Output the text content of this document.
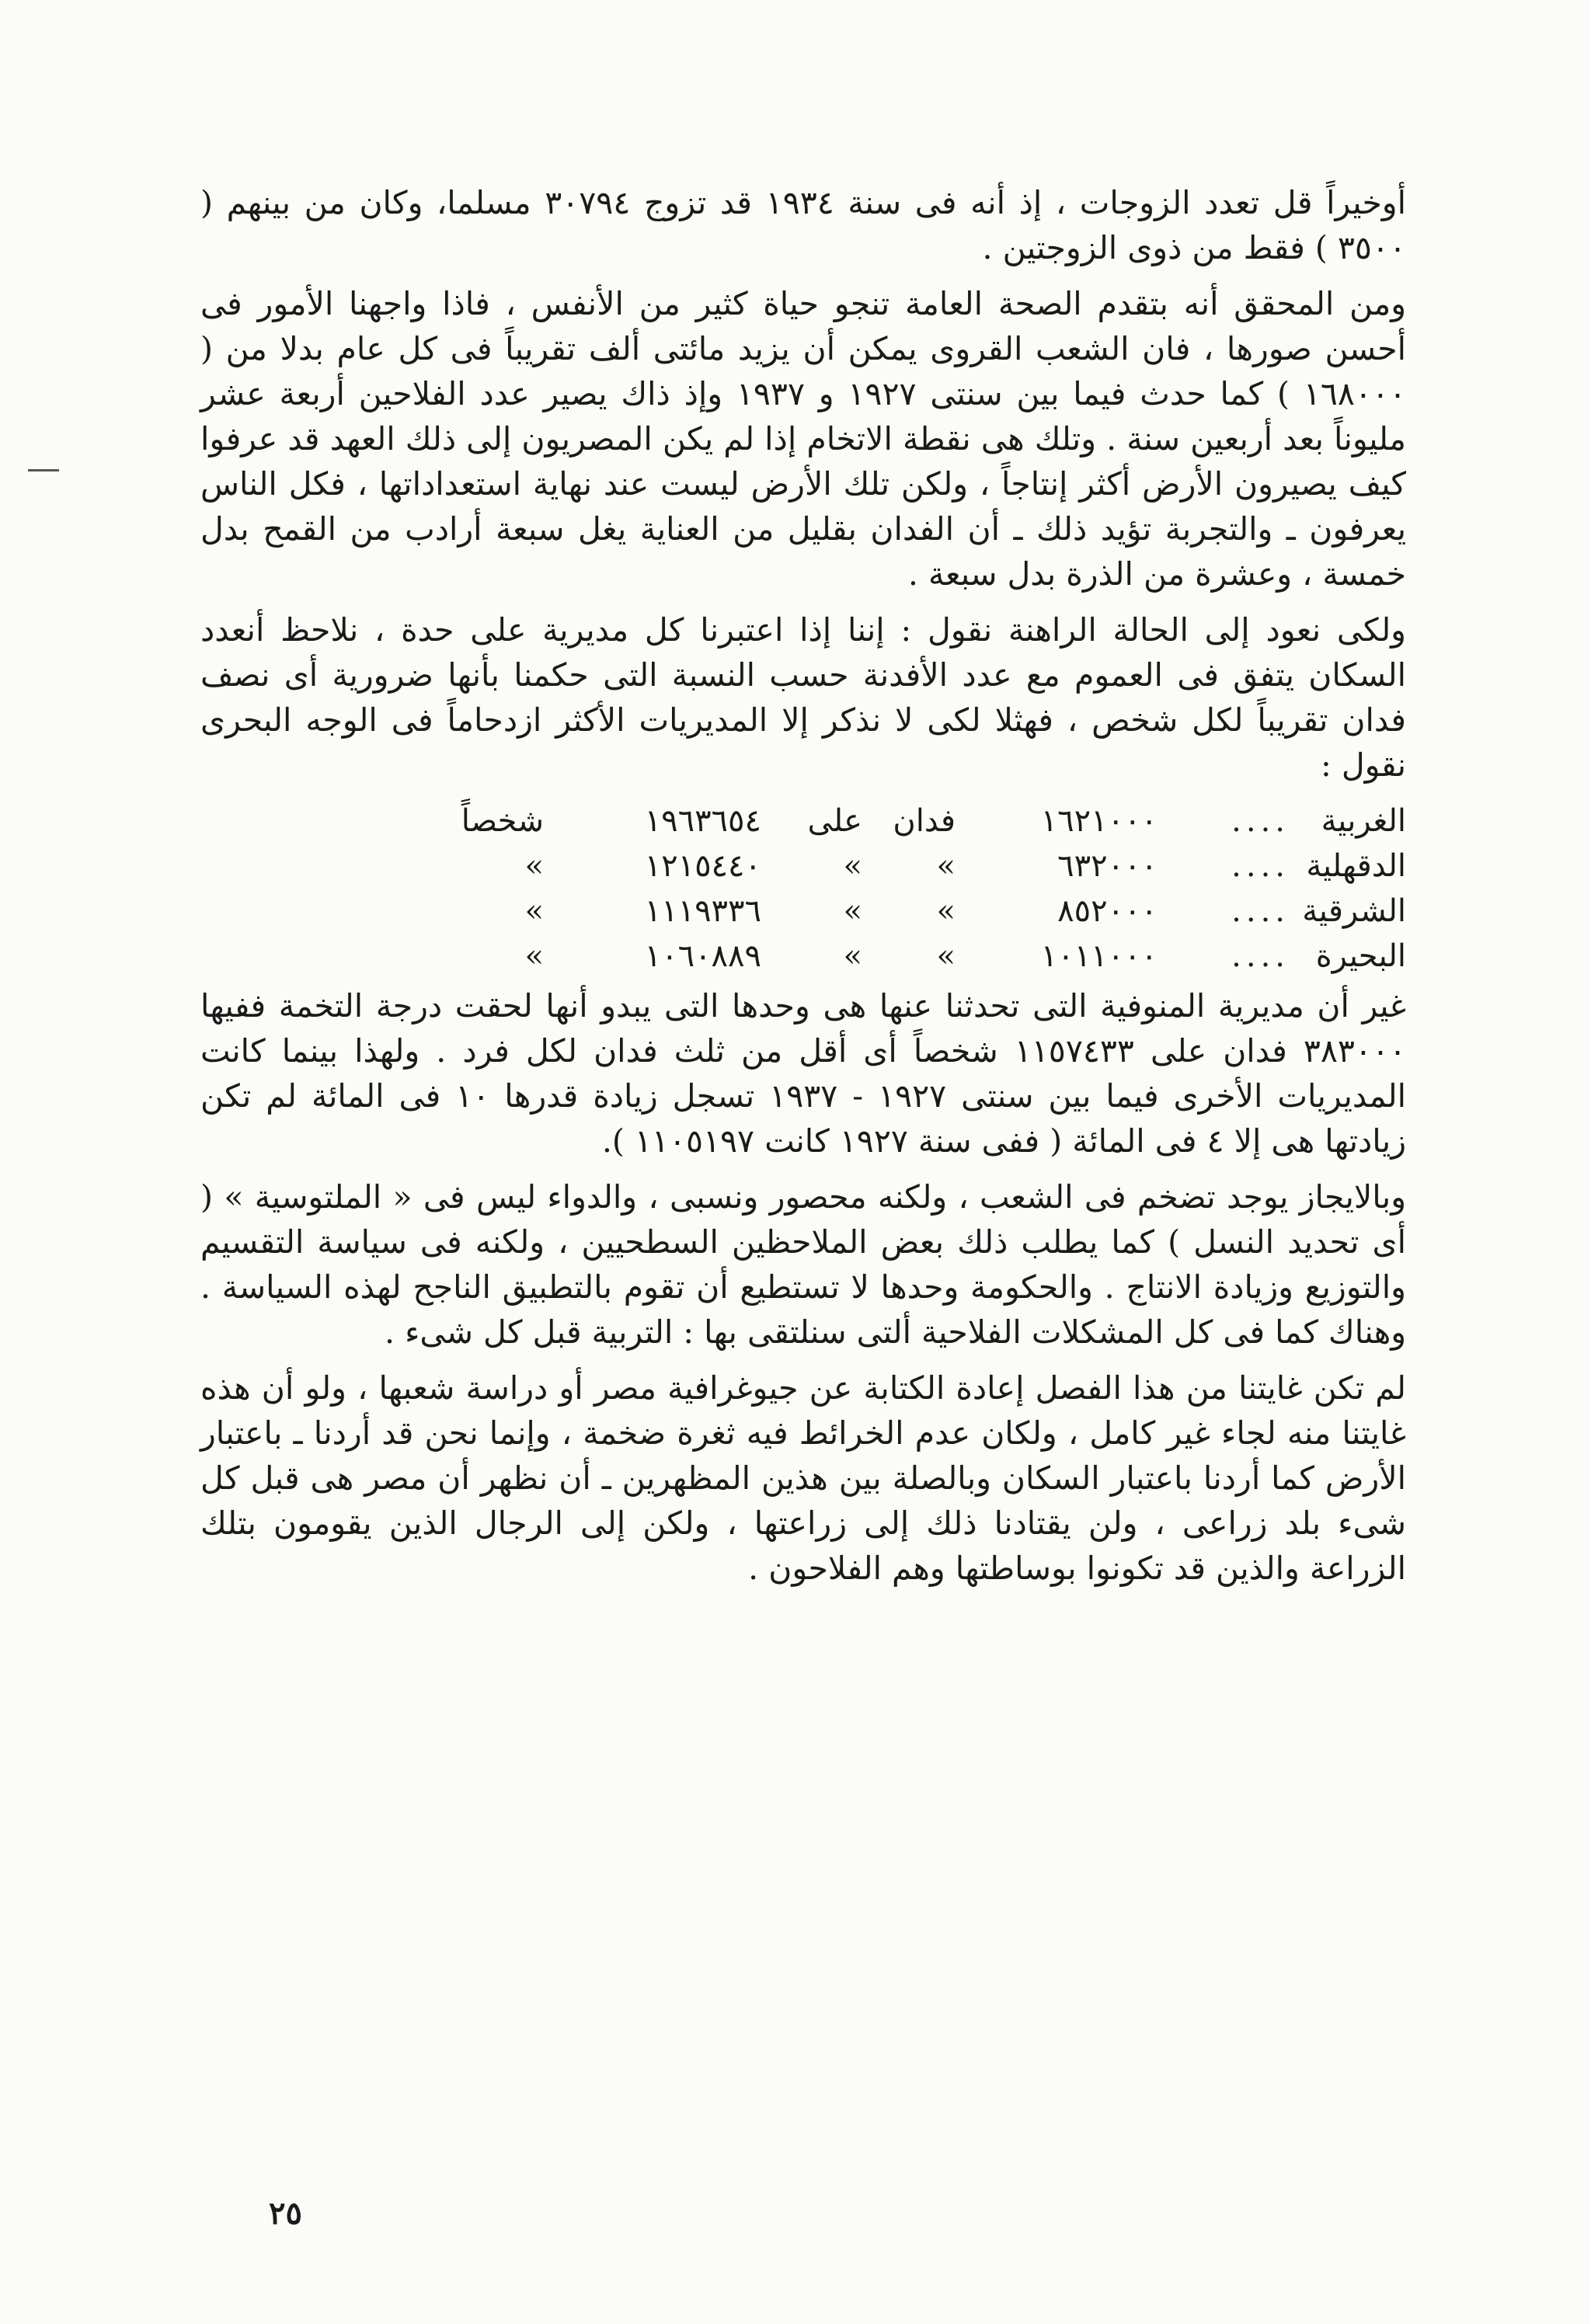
أوخيراً قل تعدد الزوجات ، إذ أنه فى سنة ١٩٣٤ قد تزوج ٣٠٧٩٤ مسلما، وكان من بينهم ( ٣٥٠٠ ) فقط من ذوى الزوجتين .

ومن المحقق أنه بتقدم الصحة العامة تنجو حياة كثير من الأنفس ، فاذا واجهنا الأمور فى أحسن صورها ، فان الشعب القروى يمكن أن يزيد مائتى ألف تقريباً فى كل عام بدلا من ( ١٦٨٠٠٠ ) كما حدث فيما بين سنتى ١٩٢٧ و ١٩٣٧ وإذ ذاك يصير عدد الفلاحين أربعة عشر مليوناً بعد أربعين سنة . وتلك هى نقطة الاتخام إذا لم يكن المصريون إلى ذلك العهد قد عرفوا كيف يصيرون الأرض أكثر إنتاجاً ، ولكن تلك الأرض ليست عند نهاية استعداداتها ، فكل الناس يعرفون ـ والتجربة تؤيد ذلك ـ أن الفدان بقليل من العناية يغل سبعة أرادب من القمح بدل خمسة ، وعشرة من الذرة بدل سبعة .

ولكى نعود إلى الحالة الراهنة نقول : إننا إذا اعتبرنا كل مديرية على حدة ، نلاحظ أنعدد السكان يتفق فى العموم مع عدد الأفدنة حسب النسبة التى حكمنا بأنها ضرورية أى نصف فدان تقريباً لكل شخص ، فهثلا لكى لا نذكر إلا المديريات الأكثر ازدحاماً فى الوجه البحرى نقول :

الغربية
....
١٦٢١٠٠٠
فدان
على
١٩٦٣٦٥٤
شخصاً
الدقهلية
....
٦٣٢٠٠٠
»
»
١٢١٥٤٤٠
»
الشرقية
....
٨٥٢٠٠٠
»
»
١١١٩٣٣٦
»
البحيرة
....
١٠١١٠٠٠
»
»
١٠٦٠٨٨٩
»

غير أن مديرية المنوفية التى تحدثنا عنها هى وحدها التى يبدو أنها لحقت درجة التخمة ففيها ٣٨٣٠٠٠ فدان على ١١٥٧٤٣٣ شخصاً أى أقل من ثلث فدان لكل فرد . ولهذا بينما كانت المديريات الأخرى فيما بين سنتى ١٩٢٧ - ١٩٣٧ تسجل زيادة قدرها ١٠ فى المائة لم تكن زيادتها هى إلا ٤ فى المائة ( ففى سنة ١٩٢٧ كانت ١١٠٥١٩٧ ).

وبالايجاز يوجد تضخم فى الشعب ، ولكنه محصور ونسبى ، والدواء ليس فى « الملتوسية » ( أى تحديد النسل ) كما يطلب ذلك بعض الملاحظين السطحيين ، ولكنه فى سياسة التقسيم والتوزيع وزيادة الانتاج . والحكومة وحدها لا تستطيع أن تقوم بالتطبيق الناجح لهذه السياسة . وهناك كما فى كل المشكلات الفلاحية ألتى سنلتقى بها : التربية قبل كل شىء .

لم تكن غايتنا من هذا الفصل إعادة الكتابة عن جيوغرافية مصر أو دراسة شعبها ، ولو أن هذه غايتنا منه لجاء غير كامل ، ولكان عدم الخرائط فيه ثغرة ضخمة ، وإنما نحن قد أردنا ـ باعتبار الأرض كما أردنا باعتبار السكان وبالصلة بين هذين المظهرين ـ أن نظهر أن مصر هى قبل كل شىء بلد زراعى ، ولن يقتادنا ذلك إلى زراعتها ، ولكن إلى الرجال الذين يقومون بتلك الزراعة والذين قد تكونوا بوساطتها وهم الفلاحون .

٢٥
